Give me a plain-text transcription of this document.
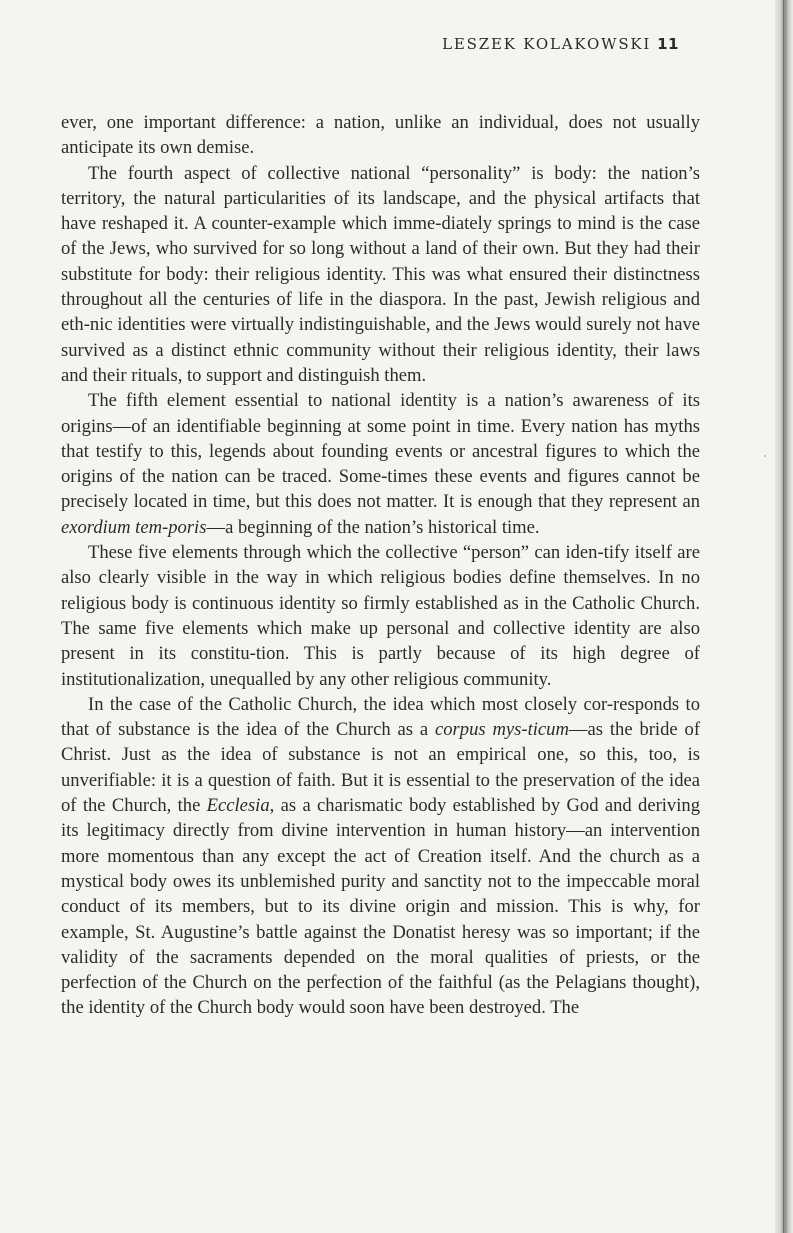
LESZEK KOLAKOWSKI 11

ever, one important difference: a nation, unlike an individual, does not usually anticipate its own demise.

The fourth aspect of collective national “personality” is body: the nation’s territory, the natural particularities of its landscape, and the physical artifacts that have reshaped it. A counter-example which imme-diately springs to mind is the case of the Jews, who survived for so long without a land of their own. But they had their substitute for body: their religious identity. This was what ensured their distinctness throughout all the centuries of life in the diaspora. In the past, Jewish religious and eth-nic identities were virtually indistinguishable, and the Jews would surely not have survived as a distinct ethnic community without their religious identity, their laws and their rituals, to support and distinguish them.

The fifth element essential to national identity is a nation’s awareness of its origins—of an identifiable beginning at some point in time. Every nation has myths that testify to this, legends about founding events or ancestral figures to which the origins of the nation can be traced. Some-times these events and figures cannot be precisely located in time, but this does not matter. It is enough that they represent an exordium tem-poris—a beginning of the nation’s historical time.

These five elements through which the collective “person” can iden-tify itself are also clearly visible in the way in which religious bodies define themselves. In no religious body is continuous identity so firmly established as in the Catholic Church. The same five elements which make up personal and collective identity are also present in its constitu-tion. This is partly because of its high degree of institutionalization, unequalled by any other religious community.

In the case of the Catholic Church, the idea which most closely cor-responds to that of substance is the idea of the Church as a corpus mys-ticum—as the bride of Christ. Just as the idea of substance is not an empirical one, so this, too, is unverifiable: it is a question of faith. But it is essential to the preservation of the idea of the Church, the Ecclesia, as a charismatic body established by God and deriving its legitimacy directly from divine intervention in human history—an intervention more momentous than any except the act of Creation itself. And the church as a mystical body owes its unblemished purity and sanctity not to the impeccable moral conduct of its members, but to its divine origin and mission. This is why, for example, St. Augustine’s battle against the Donatist heresy was so important; if the validity of the sacraments depended on the moral qualities of priests, or the perfection of the Church on the perfection of the faithful (as the Pelagians thought), the identity of the Church body would soon have been destroyed. The
